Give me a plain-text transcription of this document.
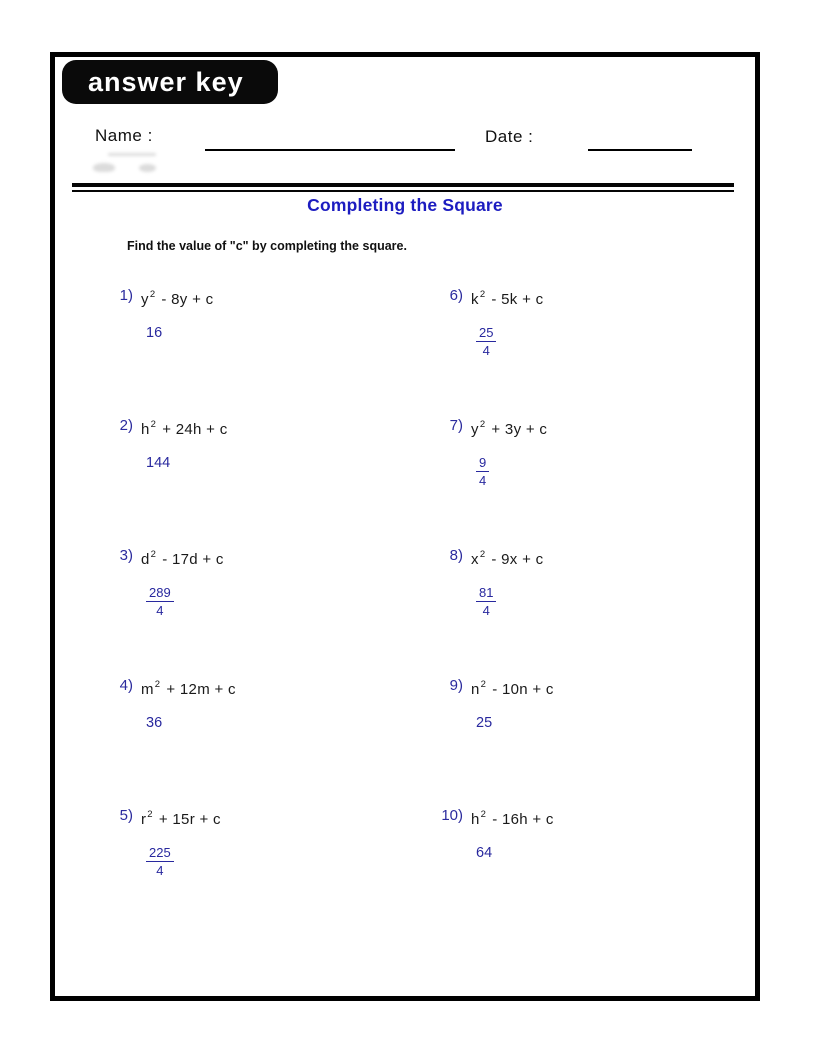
answer key
Name :	Date :
Completing the Square

Find the value of "c" by completing the square.

1) $y^2 - 8y + c$
16
2) $h^2 + 24h + c$
144
3) $d^2 - 17d + c$
$\frac{289}{4}$
4) $m^2 + 12m + c$
36
5) $r^2 + 15r + c$
$\frac{225}{4}$
6) $k^2 - 5k + c$
$\frac{25}{4}$
7) $y^2 + 3y + c$
$\frac{9}{4}$
8) $x^2 - 9x + c$
$\frac{81}{4}$
9) $n^2 - 10n + c$
25
10) $h^2 - 16h + c$
64
